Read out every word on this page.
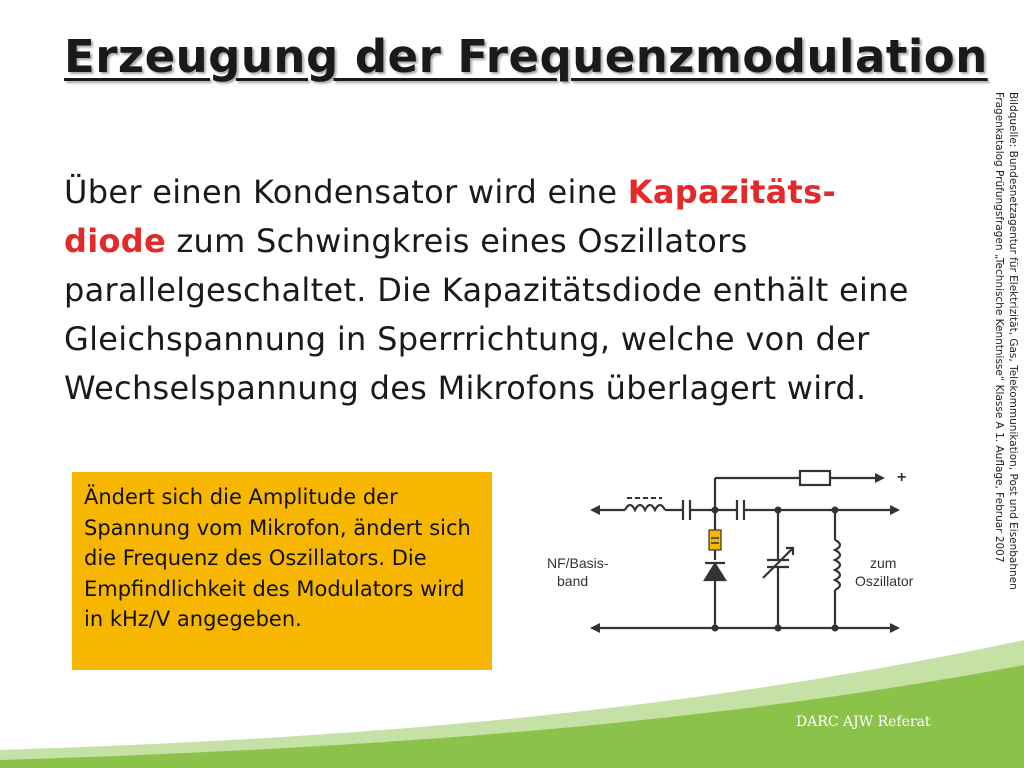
Erzeugung der Frequenzmodulation
Über einen Kondensator wird eine Kapazitäts-
diode zum Schwingkreis eines Oszillators parallelgeschaltet. Die Kapazitätsdiode enthält eine Gleichspannung in Sperrrichtung, welche von der Wechselspannung des Mikrofons überlagert wird.	Bildquelle: Bundesnetzagentur für Elektrizität, Gas, Telekommunikation, Post und Eisenbahnen
Fragenkatalog Prüfungsfragen „Technische Kenntnisse“ Klasse A 1. Auflage, Februar 2007
Ändert sich die Amplitude der Spannung vom Mikrofon, ändert sich die Frequenz des Oszillators. Die Empfindlichkeit des Modulators wird in kHz/V angegeben.
+
NF/Basis-
band
zum
Oszillator
DARC AJW Referat
